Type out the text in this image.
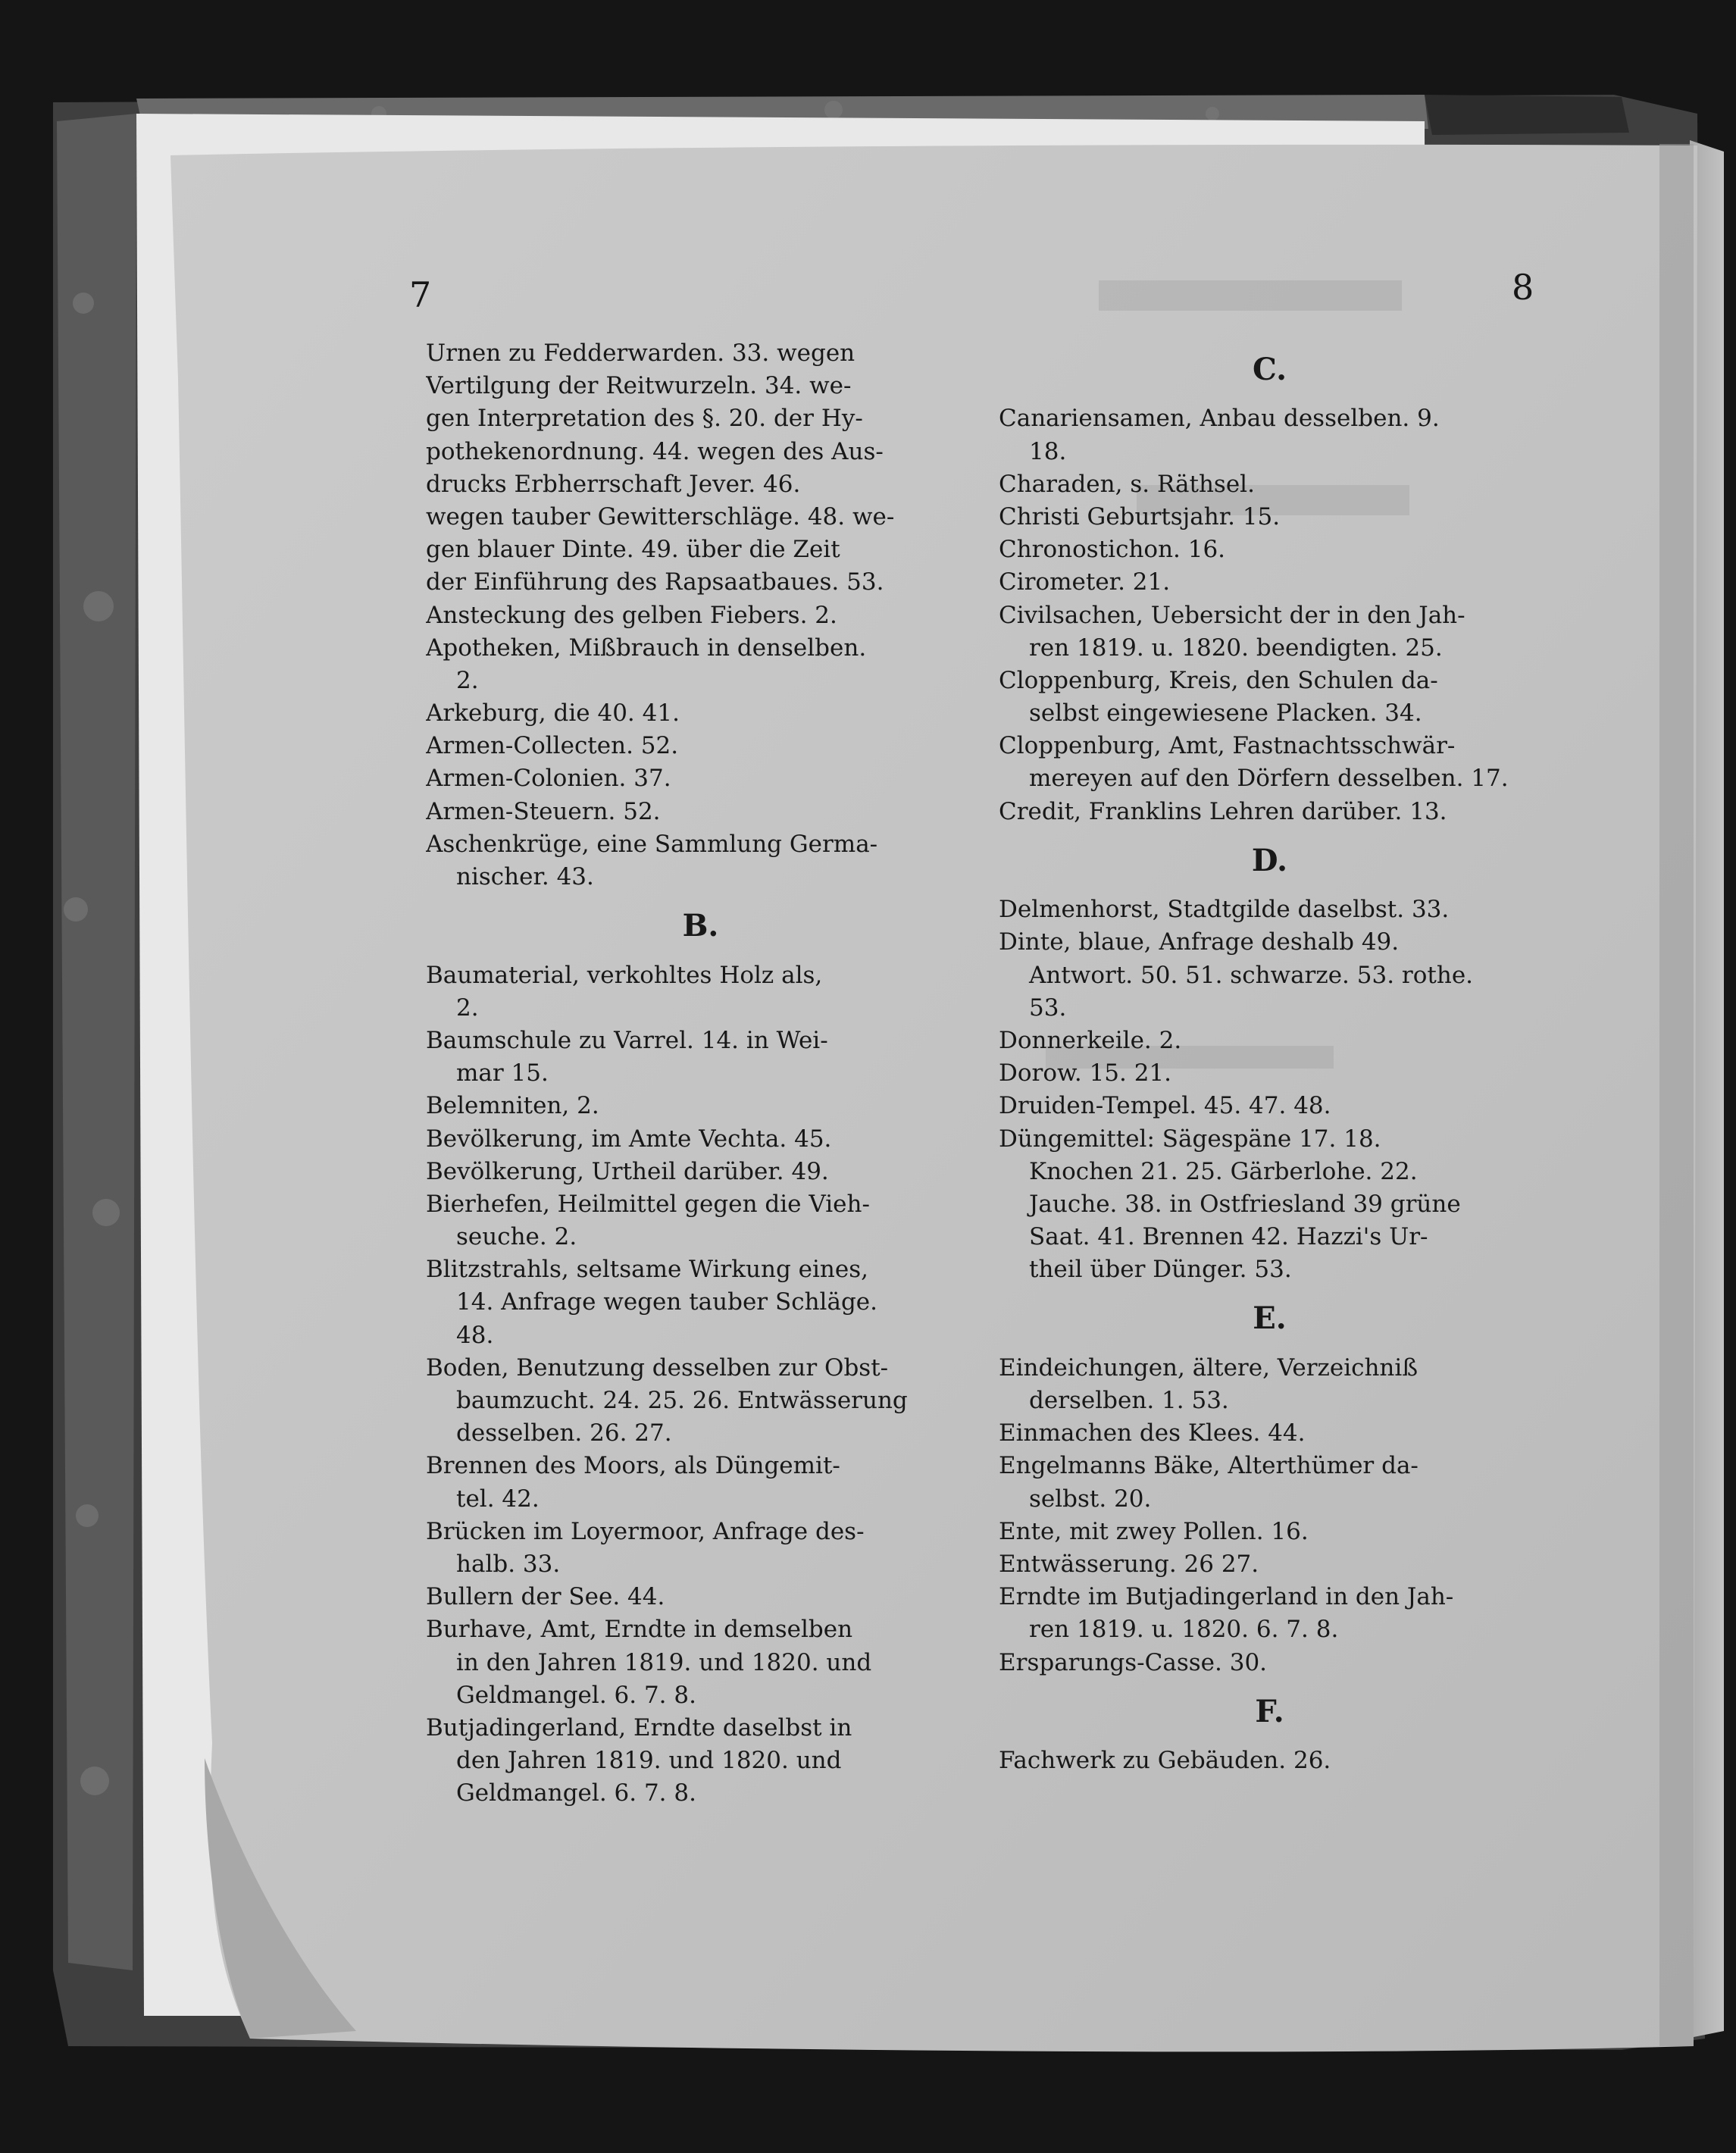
7	8
Urnen zu Fedderwarden. 33. wegen
Vertilgung der Reitwurzeln. 34. we-
gen Interpretation des §. 20. der Hy-
pothekenordnung. 44. wegen des Aus-
drucks Erbherrschaft Jever. 46.
wegen tauber Gewitterschläge. 48. we-
gen blauer Dinte. 49. über die Zeit
der Einführung des Rapsaatbaues. 53.
Ansteckung des gelben Fiebers. 2.
Apotheken, Mißbrauch in denselben.
2.
Arkeburg, die 40. 41.
Armen-Collecten. 52.
Armen-Colonien. 37.
Armen-Steuern. 52.
Aschenkrüge, eine Sammlung Germa-
nischer. 43.
B.
Baumaterial, verkohltes Holz als,
2.
Baumschule zu Varrel. 14. in Wei-
mar 15.
Belemniten, 2.
Bevölkerung, im Amte Vechta. 45.
Bevölkerung, Urtheil darüber. 49.
Bierhefen, Heilmittel gegen die Vieh-
seuche. 2.
Blitzstrahls, seltsame Wirkung eines,
14. Anfrage wegen tauber Schläge.
48.
Boden, Benutzung desselben zur Obst-
baumzucht. 24. 25. 26. Entwässerung
desselben. 26. 27.
Brennen des Moors, als Düngemit-
tel. 42.
Brücken im Loyermoor, Anfrage des-
halb. 33.
Bullern der See. 44.
Burhave, Amt, Erndte in demselben
in den Jahren 1819. und 1820. und
Geldmangel. 6. 7. 8.
Butjadingerland, Erndte daselbst in
den Jahren 1819. und 1820. und
Geldmangel. 6. 7. 8.
C.
Canariensamen, Anbau desselben. 9.
18.
Charaden, s. Räthsel.
Christi Geburtsjahr. 15.
Chronostichon. 16.
Cirometer. 21.
Civilsachen, Uebersicht der in den Jah-
ren 1819. u. 1820. beendigten. 25.
Cloppenburg, Kreis, den Schulen da-
selbst eingewiesene Placken. 34.
Cloppenburg, Amt, Fastnachtsschwär-
mereyen auf den Dörfern desselben. 17.
Credit, Franklins Lehren darüber. 13.
D.
Delmenhorst, Stadtgilde daselbst. 33.
Dinte, blaue, Anfrage deshalb 49.
Antwort. 50. 51. schwarze. 53. rothe.
53.
Donnerkeile. 2.
Dorow. 15. 21.
Druiden-Tempel. 45. 47. 48.
Düngemittel: Sägespäne 17. 18.
Knochen 21. 25. Gärberlohe. 22.
Jauche. 38. in Ostfriesland 39 grüne
Saat. 41. Brennen 42. Hazzi's Ur-
theil über Dünger. 53.
E.
Eindeichungen, ältere, Verzeichniß
derselben. 1. 53.
Einmachen des Klees. 44.
Engelmanns Bäke, Alterthümer da-
selbst. 20.
Ente, mit zwey Pollen. 16.
Entwässerung. 26 27.
Erndte im Butjadingerland in den Jah-
ren 1819. u. 1820. 6. 7. 8.
Ersparungs-Casse. 30.
F.
Fachwerk zu Gebäuden. 26.
